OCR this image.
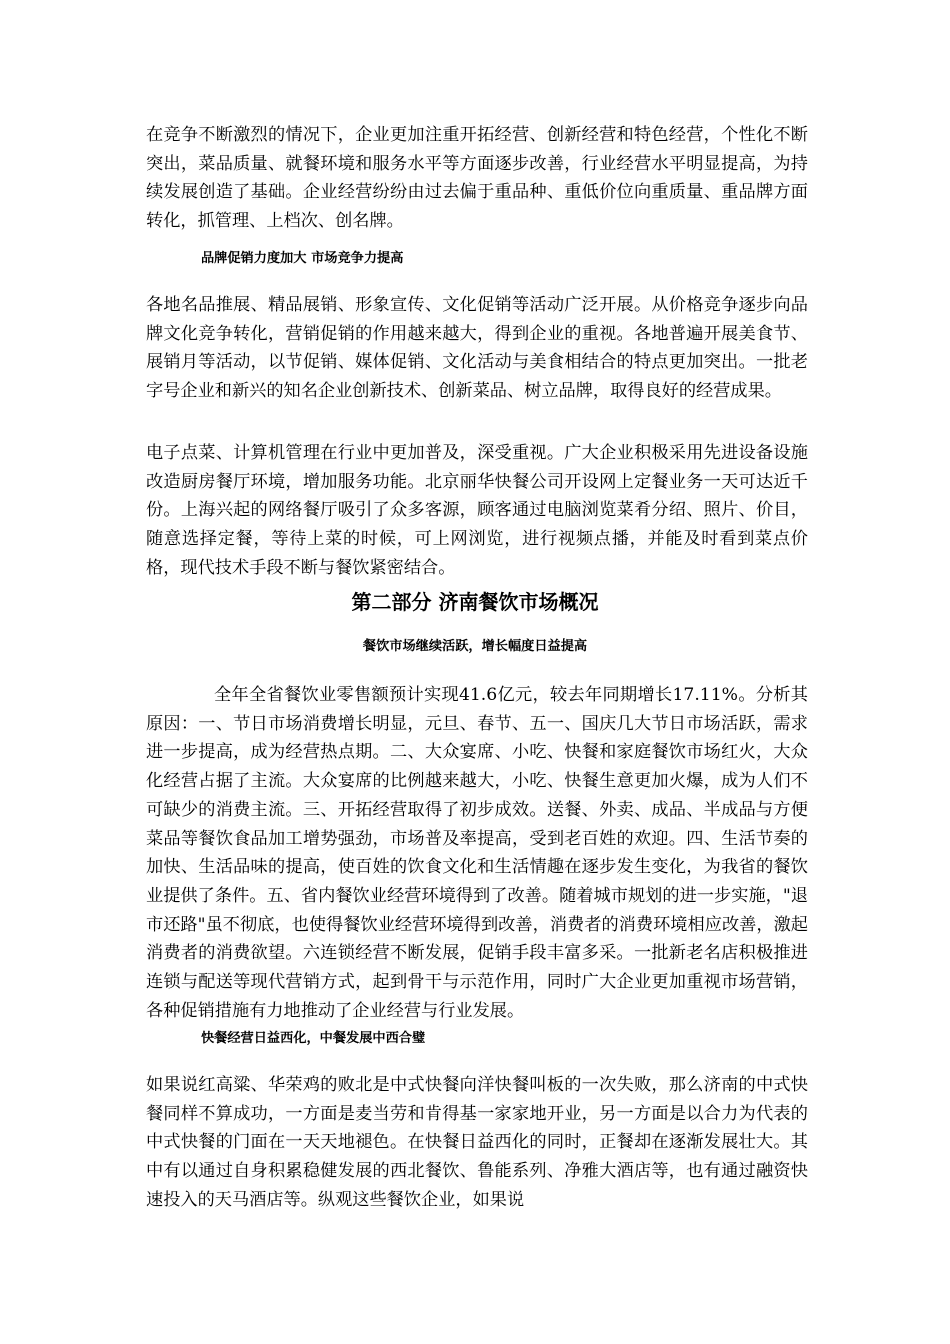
在竞争不断激烈的情况下，企业更加注重开拓经营、创新经营和特色经营，个性化不断突出，菜品质量、就餐环境和服务水平等方面逐步改善，行业经营水平明显提高，为持续发展创造了基础。企业经营纷纷由过去偏于重品种、重低价位向重质量、重品牌方面转化，抓管理、上档次、创名牌。

品牌促销力度加大 市场竞争力提高

各地名品推展、精品展销、形象宣传、文化促销等活动广泛开展。从价格竞争逐步向品牌文化竞争转化，营销促销的作用越来越大，得到企业的重视。各地普遍开展美食节、展销月等活动，以节促销、媒体促销、文化活动与美食相结合的特点更加突出。一批老字号企业和新兴的知名企业创新技术、创新菜品、树立品牌，取得良好的经营成果。

电子点菜、计算机管理在行业中更加普及，深受重视。广大企业积极采用先进设备设施改造厨房餐厅环境，增加服务功能。北京丽华快餐公司开设网上定餐业务一天可达近千份。上海兴起的网络餐厅吸引了众多客源，顾客通过电脑浏览菜肴分绍、照片、价目，随意选择定餐，等待上菜的时候，可上网浏览，进行视频点播，并能及时看到菜点价格，现代技术手段不断与餐饮紧密结合。

第二部分 济南餐饮市场概况
餐饮市场继续活跃，增长幅度日益提高

全年全省餐饮业零售额预计实现41.6亿元，较去年同期增长17.11%。分析其原因：一、节日市场消费增长明显，元旦、春节、五一、国庆几大节日市场活跃，需求进一步提高，成为经营热点期。二、大众宴席、小吃、快餐和家庭餐饮市场红火，大众化经营占据了主流。大众宴席的比例越来越大，小吃、快餐生意更加火爆，成为人们不可缺少的消费主流。三、开拓经营取得了初步成效。送餐、外卖、成品、半成品与方便菜品等餐饮食品加工增势强劲，市场普及率提高，受到老百姓的欢迎。四、生活节奏的加快、生活品味的提高，使百姓的饮食文化和生活情趣在逐步发生变化，为我省的餐饮业提供了条件。五、省内餐饮业经营环境得到了改善。随着城市规划的进一步实施，"退市还路"虽不彻底，也使得餐饮业经营环境得到改善，消费者的消费环境相应改善，激起消费者的消费欲望。六连锁经营不断发展，促销手段丰富多采。一批新老名店积极推进连锁与配送等现代营销方式，起到骨干与示范作用，同时广大企业更加重视市场营销，各种促销措施有力地推动了企业经营与行业发展。

快餐经营日益西化，中餐发展中西合璧

如果说红高粱、华荣鸡的败北是中式快餐向洋快餐叫板的一次失败，那么济南的中式快餐同样不算成功，一方面是麦当劳和肯得基一家家地开业，另一方面是以合力为代表的中式快餐的门面在一天天地褪色。在快餐日益西化的同时，正餐却在逐渐发展壮大。其中有以通过自身积累稳健发展的西北餐饮、鲁能系列、净雅大酒店等，也有通过融资快速投入的天马酒店等。纵观这些餐饮企业，如果说
